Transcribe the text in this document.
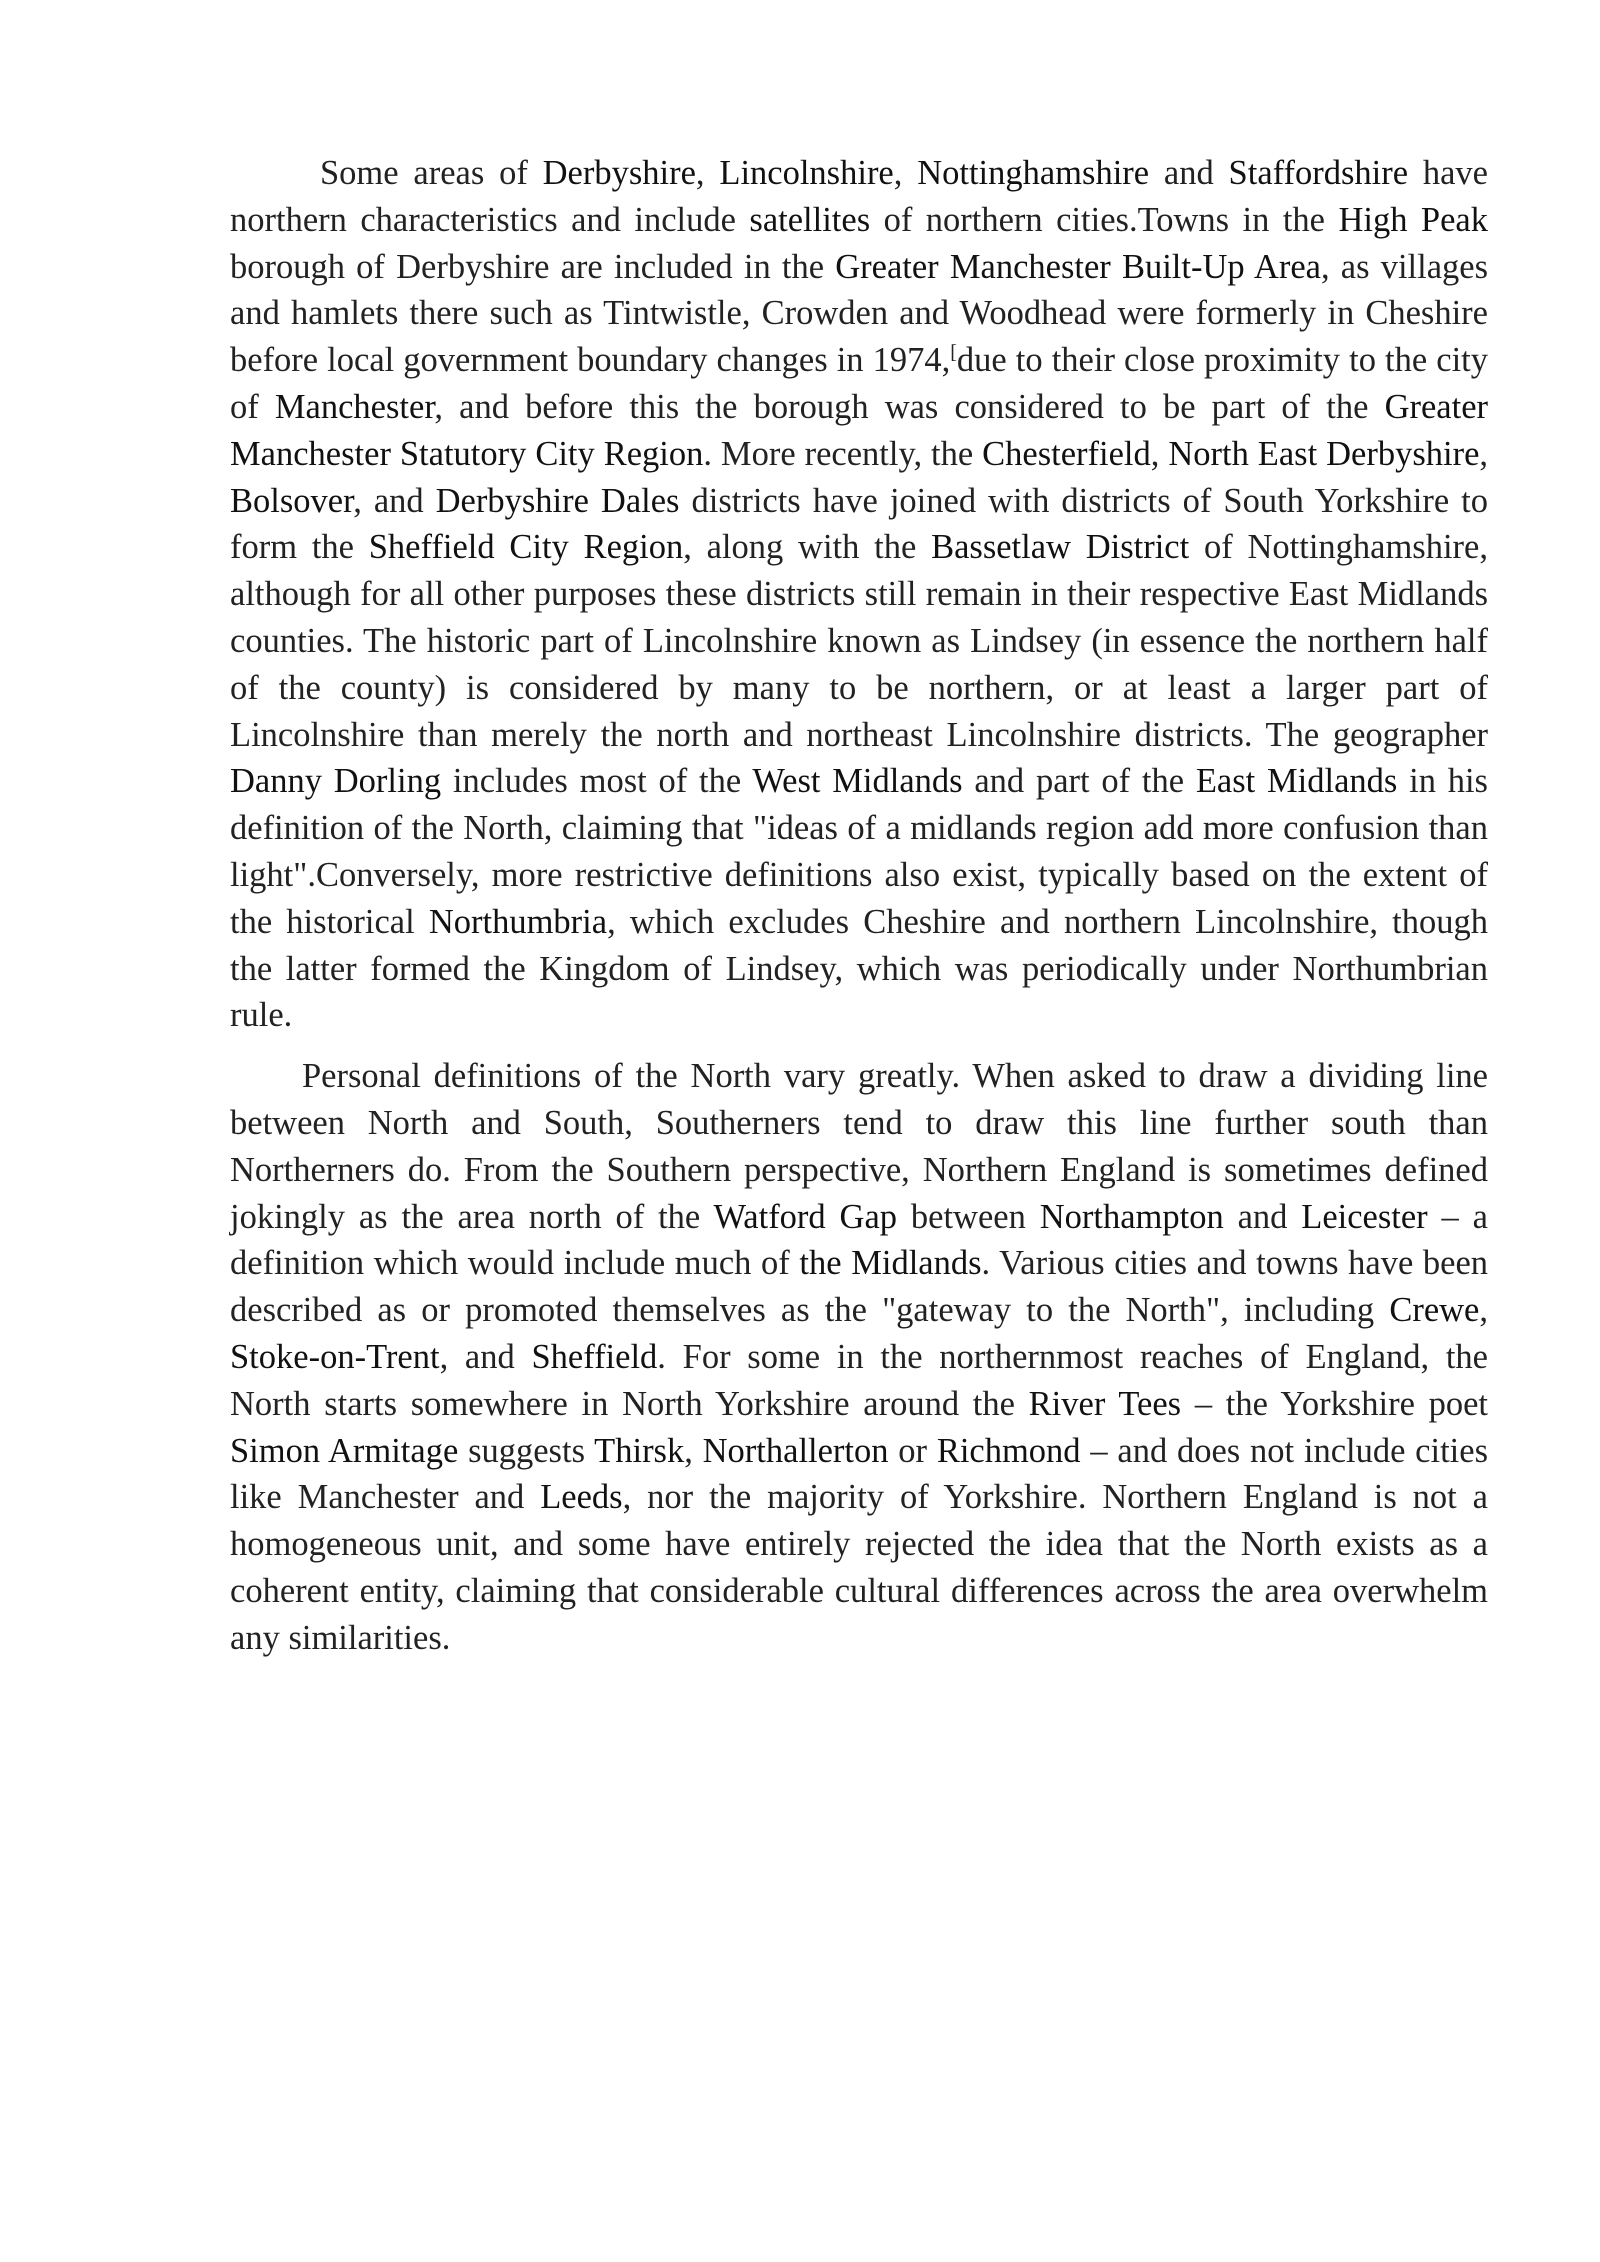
Some areas of Derbyshire, Lincolnshire, Nottinghamshire and Staffordshire have northern characteristics and include satellites of northern cities.Towns in the High Peak borough of Derbyshire are included in the Greater Manchester Built-Up Area, as villages and hamlets there such as Tintwistle, Crowden and Woodhead were formerly in Cheshire before local government boundary changes in 1974,[due to their close proximity to the city of Manchester, and before this the borough was considered to be part of the Greater Manchester Statutory City Region. More recently, the Chesterfield, North East Derbyshire, Bolsover, and Derbyshire Dales districts have joined with districts of South Yorkshire to form the Sheffield City Region, along with the Bassetlaw District of Nottinghamshire, although for all other purposes these districts still remain in their respective East Midlands counties. The historic part of Lincolnshire known as Lindsey (in essence the northern half of the county) is considered by many to be northern, or at least a larger part of Lincolnshire than merely the north and northeast Lincolnshire districts. The geographer Danny Dorling includes most of the West Midlands and part of the East Midlands in his definition of the North, claiming that "ideas of a midlands region add more confusion than light".Conversely, more restrictive definitions also exist, typically based on the extent of the historical Northumbria, which excludes Cheshire and northern Lincolnshire, though the latter formed the Kingdom of Lindsey, which was periodically under Northumbrian rule.

Personal definitions of the North vary greatly. When asked to draw a dividing line between North and South, Southerners tend to draw this line further south than Northerners do. From the Southern perspective, Northern England is sometimes defined jokingly as the area north of the Watford Gap between Northampton and Leicester – a definition which would include much of the Midlands. Various cities and towns have been described as or promoted themselves as the "gateway to the North", including Crewe, Stoke-on-Trent, and Sheffield. For some in the northernmost reaches of England, the North starts somewhere in North Yorkshire around the River Tees – the Yorkshire poet Simon Armitage suggests Thirsk, Northallerton or Richmond – and does not include cities like Manchester and Leeds, nor the majority of Yorkshire. Northern England is not a homogeneous unit, and some have entirely rejected the idea that the North exists as a coherent entity, claiming that considerable cultural differences across the area overwhelm any similarities.
